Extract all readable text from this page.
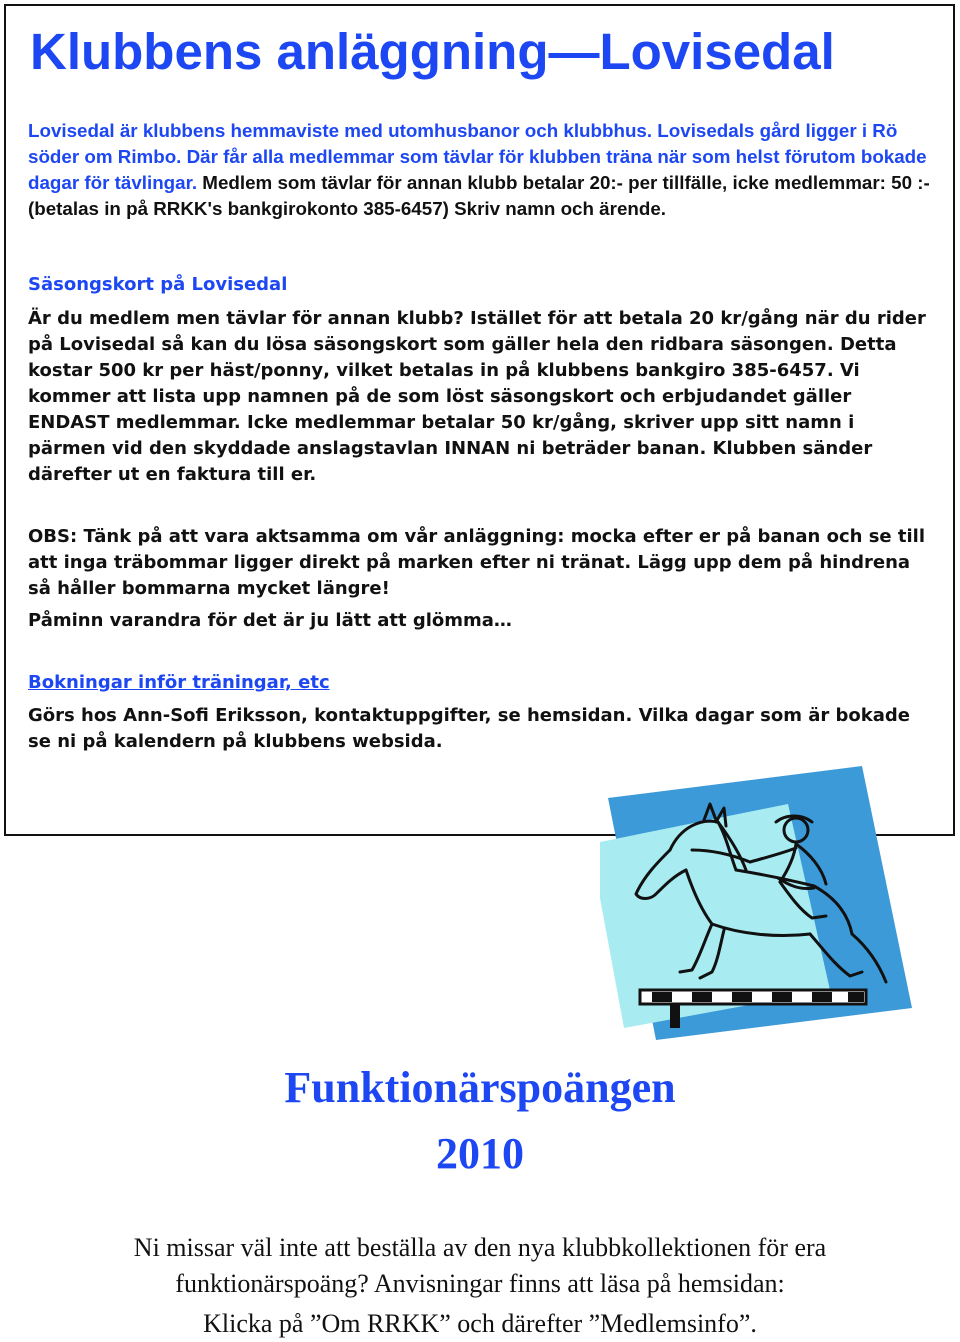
Klubbens anläggning—Lovisedal

Lovisedal är klubbens hemmaviste med utomhusbanor och klubbhus. Lovisedals gård ligger i Rö söder om Rimbo. Där får alla medlemmar som tävlar för klubben träna när som helst förutom bokade dagar för tävlingar. Medlem som tävlar för annan klubb betalar 20:- per tillfälle, icke medlemmar: 50 :- (betalas in på RRKK's bankgirokonto 385-6457) Skriv namn och ärende.

Säsongskort på Lovisedal

Är du medlem men tävlar för annan klubb? Istället för att betala 20 kr/gång när du rider på Lovisedal så kan du lösa säsongskort som gäller hela den ridbara säsongen. Detta kostar 500 kr per häst/ponny, vilket betalas in på klubbens bankgiro 385-6457. Vi kommer att lista upp namnen på de som löst säsongskort och erbjudandet gäller ENDAST medlemmar. Icke medlemmar betalar 50 kr/gång, skriver upp sitt namn i pärmen vid den skyddade anslagstavlan INNAN ni beträder banan. Klubben sänder därefter ut en faktura till er.

OBS: Tänk på att vara aktsamma om vår anläggning: mocka efter er på banan och se till att inga träbommar ligger direkt på marken efter ni tränat. Lägg upp dem på hindrena så håller bommarna mycket längre!

Påminn varandra för det är ju lätt att glömma…

Bokningar inför träningar, etc

Görs hos Ann-Sofi Eriksson, kontaktuppgifter, se hemsidan. Vilka dagar som är bokade se ni på kalendern på klubbens websida.

Funktionärspoängen
2010

Ni missar väl inte att beställa av den nya klubbkollektionen för era

funktionärspoäng? Anvisningar finns att läsa på hemsidan:

Klicka på ”Om RRKK” och därefter ”Medlemsinfo”.
